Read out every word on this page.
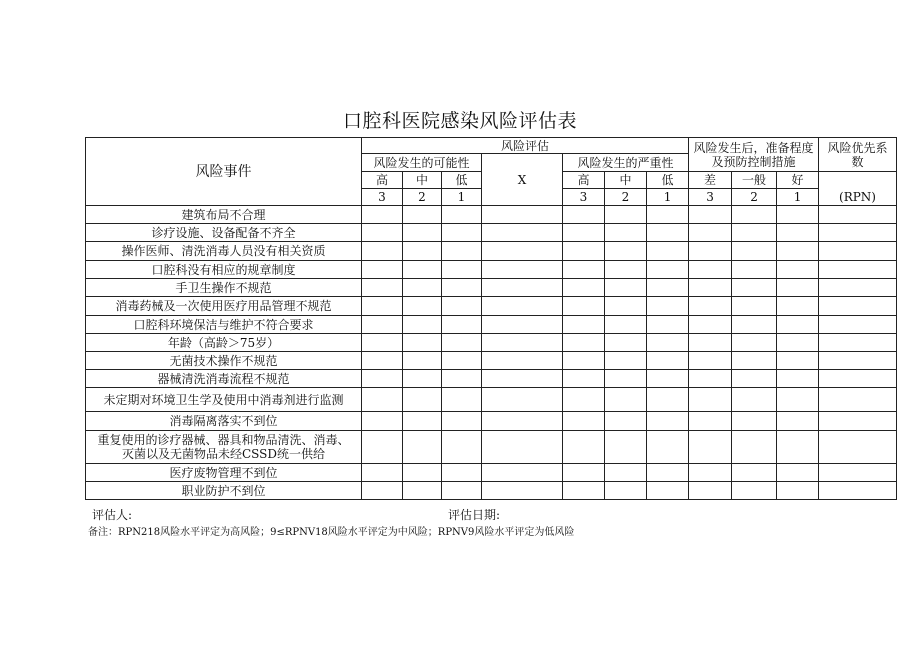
口腔科医院感染风险评估表
风险事件	风险评估							风险发生后，准备程度及预防控制措施			风险优先系数
	风险发生的可能性			X	风险发生的严重性						
	高	中	低		高	中	低	差	一般	好	(RPN)
	3	2	1		3	2	1	3	2	1	
建筑布局不合理											
诊疗设施、设备配备不齐全											
操作医师、清洗消毒人员没有相关资质											
口腔科没有相应的规章制度											
手卫生操作不规范											
消毒药械及一次使用医疗用品管理不规范											
口腔科环境保洁与维护不符合要求											
年龄（高龄＞75岁）											
无菌技术操作不规范											
器械清洗消毒流程不规范											
未定期对环境卫生学及使用中消毒剂进行监测											
消毒隔离落实不到位											
重复使用的诊疗器械、器具和物品清洗、消毒、灭菌以及无菌物品未经CSSD统一供给											
医疗废物管理不到位											
职业防护不到位											
评估人:	评估日期:
备注：RPN218风险水平评定为高风险；9≤RPNV18风险水平评定为中风险；RPNV9风险水平评定为低风险
